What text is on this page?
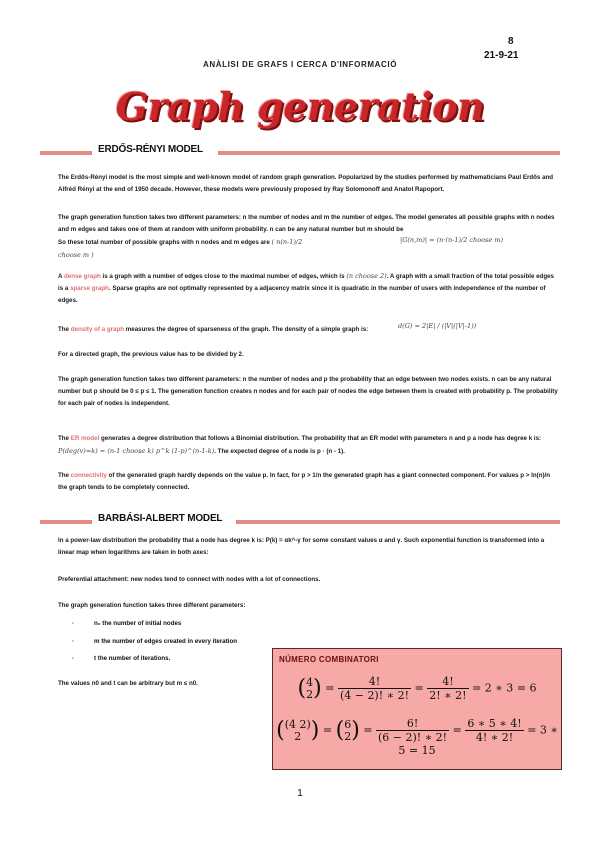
8
21-9-21
ANÀLISI DE GRAFS I CERCA D'INFORMACIÓ
Graph generation
ERDŐS-RÉNYI MODEL

The Erdős-Rényi model is the most simple and well-known model of random graph generation. Popularized by the studies performed by mathematicians Paul Erdős and Alfréd Rényi at the end of 1950 decade. However, these models were previously proposed by Ray Solomonoff and Anatol Rapoport.

The graph generation function takes two different parameters: n the number of nodes and m the number of edges. The model generates all possible graphs with n nodes and m edges and takes one of them at random with uniform probability. n can be any natural number but m should be

So these total number of possible graphs with n nodes and m edges are ( n(n-1)/2 choose m )

|G(n,m)| = (n·(n-1)/2 choose m)

A dense graph is a graph with a number of edges close to the maximal number of edges, which is (n choose 2). A graph with a small fraction of the total possible edges is a sparse graph. Sparse graphs are not optimally represented by a adjacency matrix since it is quadratic in the number of users with independence of the number of edges.

The density of a graph measures the degree of sparseness of the graph. The density of a simple graph is:	d(G) = 2|E| / (|V|(|V|-1))

For a directed graph, the previous value has to be divided by 2.

The graph generation function takes two different parameters: n the number of nodes and p the probability that an edge between two nodes exists. n can be any natural number but p should be 0 ≤ p ≤ 1. The generation function creates n nodes and for each pair of nodes the edge between them is created with probability p. The probability for each pair of nodes is independent.

The ER model generates a degree distribution that follows a Binomial distribution. The probability that an ER model with parameters n and p a node has degree k is: P(deg(v)=k) = (n-1 choose k) p^k (1-p)^(n-1-k). The expected degree of a node is p · (n - 1).

The connectivity of the generated graph hardly depends on the value p. In fact, for p > 1/n the generated graph has a giant connected component. For values p > ln(n)/n the graph tends to be completely connected.

BARBÁSI-ALBERT MODEL

In a power-law distribution the probability that a node has degree k is: P(k) = αk^-γ for some constant values α and γ. Such exponential function is transformed into a linear map when logarithms are taken in both axes:

Preferential attachment: new nodes tend to connect with nodes with a lot of connections.

The graph generation function takes three different parameters:

·	n₀ the number of initial nodes
·	m the number of edges created in every iteration
·	t the number of iterations.

The values n0 and t can be arbitrary but m ≤ n0.

NÚMERO COMBINATORI
(4
$2) = \frac{4!}{(4 - 2)! ∗ 2!} = \frac{4!}{2! ∗ 2!} = 2$ ∗ 3 = 6
((4 2)
2 ) = (6
$2) = \frac{6!}{(6 - 2)! ∗ 2!} = \frac{6 ∗ 5 ∗ 4!}{4! ∗ 2!} = 3$ ∗ 5 = 15
1
